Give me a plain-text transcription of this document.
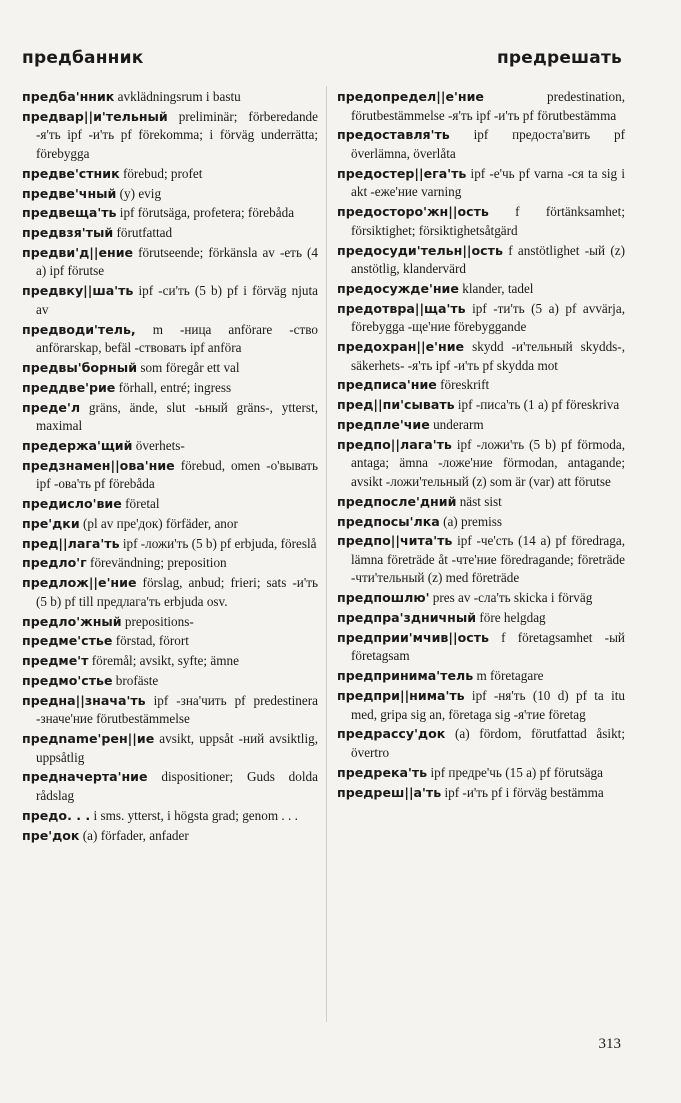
предбанник	предрешать

предба'нник avklädningsrum i bastu

предвар||и'тельный preliminär; förberedande -я'ть ipf -и'ть pf förekomma; i förväg underrätta; förebygga

предве'стник förebud; profet

предве'чный (y) evig

предвеща'ть ipf förutsäga, profetera; förebåda

предвзя'тый förutfattad

предви'д||ение förutseende; förkänsla av -еть (4 a) ipf förutse

предвку||ша'ть ipf -си'ть (5 b) pf i förväg njuta av

предводи'тель, m -ница anförare -ство anförarskap, befäl -ствовать ipf anföra

предвы'борный som föregår ett val

преддве'рие förhall, entré; ingress

преде'л gräns, ände, slut -ьный gräns-, ytterst, maximal

предержа'щий överhets-

предзнамен||ова'ние förebud, omen -о'вывать ipf -ова'ть pf förebåda

предисло'вие företal

пре'дки (pl av пре'док) förfäder, anor

пред||лага'ть ipf -ложи'ть (5 b) pf erbjuda, föreslå

предло'г förevändning; preposition

предлож||е'ние förslag, anbud; frieri; sats -и'ть (5 b) pf till предлага'ть erbjuda osv.

предло'жный prepositions-

предме'стье förstad, förort

предме'т föremål; avsikt, syfte; ämne

предмо'стье brofäste

предна||знача'ть ipf -зна'чить pf predestinera -значе'ние förutbestämmelse

предname'рен||ие avsikt, uppsåt -ний avsiktlig, uppsåtlig

предначерта'ние dispositioner; Guds dolda rådslag

предо. . . i sms. ytterst, i högsta grad; genom . . .

пре'док (a) förfader, anfader

предопредел||е'ние predestination, förutbestämmelse -я'ть ipf -и'ть pf förutbestämma

предоставля'ть ipf предоста'вить pf överlämna, överlåta

предостер||ега'ть ipf -е'чь pf varna -ся ta sig i akt -еже'ние varning

предосторо'жн||ость f förtänksamhet; försiktighet; försiktighetsåtgärd

предосуди'тельн||ость f anstötlighet -ый (z) anstötlig, klandervärd

предосужде'ние klander, tadel

предотвра||ща'ть ipf -ти'ть (5 a) pf avvärja, förebygga -ще'ние förebyggande

предохран||е'ние skydd -и'тельный skydds-, säkerhets- -я'ть ipf -и'ть pf skydda mot

предписа'ние föreskrift

пред||пи'сывать ipf -писа'ть (1 a) pf föreskriva

предпле'чие underarm

предпо||лага'ть ipf -ложи'ть (5 b) pf förmoda, antaga; ämna -ложе'ние förmodan, antagande; avsikt -ложи'тельный (z) som är (var) att förutse

предпосле'дний näst sist

предпосы'лка (a) premiss

предпо||чита'ть ipf -че'сть (14 a) pf föredraga, lämna företräde åt -чте'ние föredragande; företräde -чти'тельный (z) med företräde

предпошлю' pres av -сла'ть skicka i förväg

предпра'здничный före helgdag

предприи'мчив||ость f företagsamhet -ый företagsam

предпринима'тель m företagare

предпри||нима'ть ipf -ня'ть (10 d) pf ta itu med, gripa sig an, företaga sig -я'тие företag

предрассу'док (a) fördom, förutfattad åsikt; övertro

предрека'ть ipf предре'чь (15 a) pf förutsäga

предреш||а'ть ipf -и'ть pf i förväg bestämma

313
